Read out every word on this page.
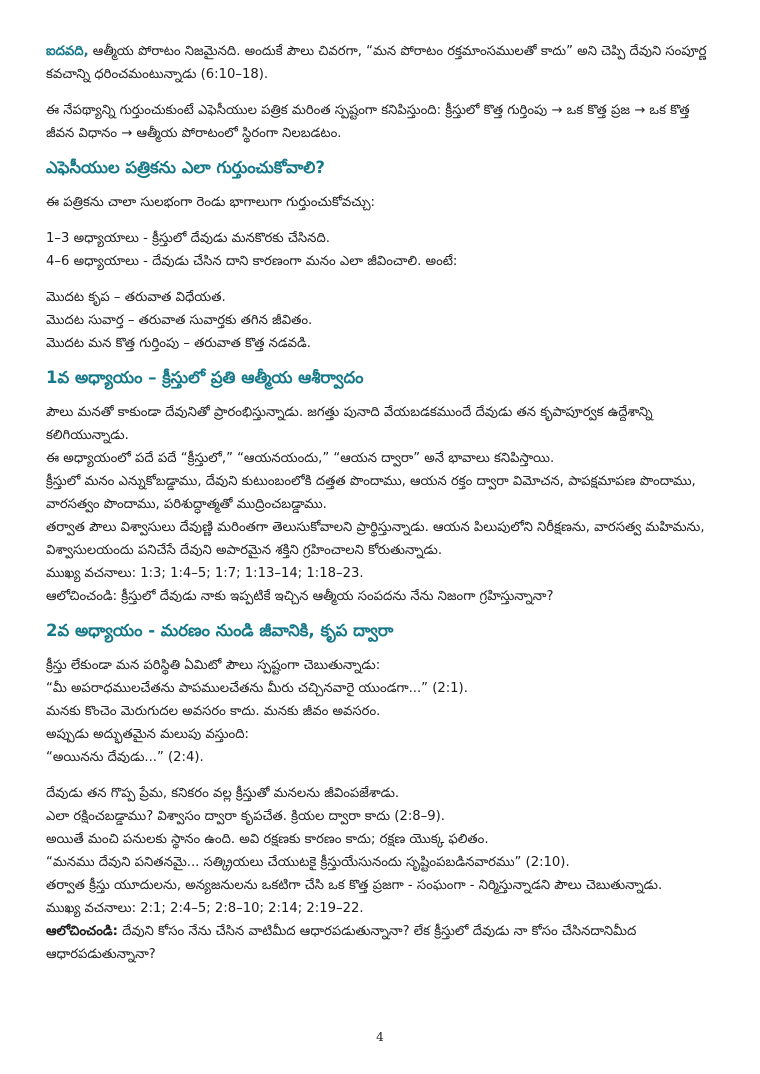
ఐదవది, ఆత్మీయ పోరాటం నిజమైనది. అందుకే పౌలు చివరగా, “మన పోరాటం రక్తమాంసములతో కాదు” అని చెప్పి దేవుని సంపూర్ణ కవచాన్ని ధరించమంటున్నాడు (6:10–18).

ఈ నేపథ్యాన్ని గుర్తుంచుకుంటే ఎఫెసీయుల పత్రిక మరింత స్పష్టంగా కనిపిస్తుంది: క్రీస్తులో కొత్త గుర్తింపు → ఒక కొత్త ప్రజ → ఒక కొత్త జీవన విధానం → ఆత్మీయ పోరాటంలో స్థిరంగా నిలబడటం.

ఎఫెసీయుల పత్రికను ఎలా గుర్తుంచుకోవాలి?

ఈ పత్రికను చాలా సులభంగా రెండు భాగాలుగా గుర్తుంచుకోవచ్చు:

1–3 అధ్యాయాలు - క్రీస్తులో దేవుడు మనకొరకు చేసినది.

4–6 అధ్యాయాలు - దేవుడు చేసిన దాని కారణంగా మనం ఎలా జీవించాలి. అంటే:

మొదట కృప – తరువాత విధేయత.

మొదట సువార్త – తరువాత సువార్తకు తగిన జీవితం.

మొదట మన కొత్త గుర్తింపు – తరువాత కొత్త నడవడి.

1వ అధ్యాయం – క్రీస్తులో ప్రతి ఆత్మీయ ఆశీర్వాదం

పౌలు మనతో కాకుండా దేవునితో ప్రారంభిస్తున్నాడు. జగత్తు పునాది వేయబడకముందే దేవుడు తన కృపాపూర్వక ఉద్దేశాన్ని కలిగియున్నాడు.

ఈ అధ్యాయంలో పదే పదే “క్రీస్తులో,” “ఆయనయందు,” “ఆయన ద్వారా” అనే భావాలు కనిపిస్తాయి.

క్రీస్తులో మనం ఎన్నుకోబడ్డాము, దేవుని కుటుంబంలోకి దత్తత పొందాము, ఆయన రక్తం ద్వారా విమోచన, పాపక్షమాపణ పొందాము, వారసత్వం పొందాము, పరిశుద్ధాత్మతో ముద్రించబడ్డాము.

తర్వాత పౌలు విశ్వాసులు దేవుణ్ణి మరింతగా తెలుసుకోవాలని ప్రార్థిస్తున్నాడు. ఆయన పిలుపులోని నిరీక్షణను, వారసత్వ మహిమను, విశ్వాసులయందు పనిచేసే దేవుని అపారమైన శక్తిని గ్రహించాలని కోరుతున్నాడు.

ముఖ్య వచనాలు: 1:3; 1:4–5; 1:7; 1:13–14; 1:18–23.

ఆలోచించండి: క్రీస్తులో దేవుడు నాకు ఇప్పటికే ఇచ్చిన ఆత్మీయ సంపదను నేను నిజంగా గ్రహిస్తున్నానా?

2వ అధ్యాయం - మరణం నుండి జీవానికి, కృప ద్వారా

క్రీస్తు లేకుండా మన పరిస్థితి ఏమిటో పౌలు స్పష్టంగా చెబుతున్నాడు:

“మీ అపరాధములచేతను పాపములచేతను మీరు చచ్చినవారై యుండగా...” (2:1).

మనకు కొంచెం మెరుగుదల అవసరం కాదు. మనకు జీవం అవసరం.

అప్పుడు అద్భుతమైన మలుపు వస్తుంది:

“అయినను దేవుడు...” (2:4).

దేవుడు తన గొప్ప ప్రేమ, కనికరం వల్ల క్రీస్తుతో మనలను జీవింపజేశాడు.

ఎలా రక్షించబడ్డాము? విశ్వాసం ద్వారా కృపచేత. క్రియల ద్వారా కాదు (2:8–9).

అయితే మంచి పనులకు స్థానం ఉంది. అవి రక్షణకు కారణం కాదు; రక్షణ యొక్క ఫలితం.

“మనము దేవుని పనితనమై... సత్క్రియలు చేయుటకై క్రీస్తుయేసునందు సృష్టింపబడినవారము” (2:10).

తర్వాత క్రీస్తు యూదులను, అన్యజనులను ఒకటిగా చేసి ఒక కొత్త ప్రజగా - సంఘంగా - నిర్మిస్తున్నాడని పౌలు చెబుతున్నాడు.

ముఖ్య వచనాలు: 2:1; 2:4–5; 2:8–10; 2:14; 2:19–22.

ఆలోచించండి: దేవుని కోసం నేను చేసిన వాటిమీద ఆధారపడుతున్నానా? లేక క్రీస్తులో దేవుడు నా కోసం చేసినదానిమీద ఆధారపడుతున్నానా?

4
